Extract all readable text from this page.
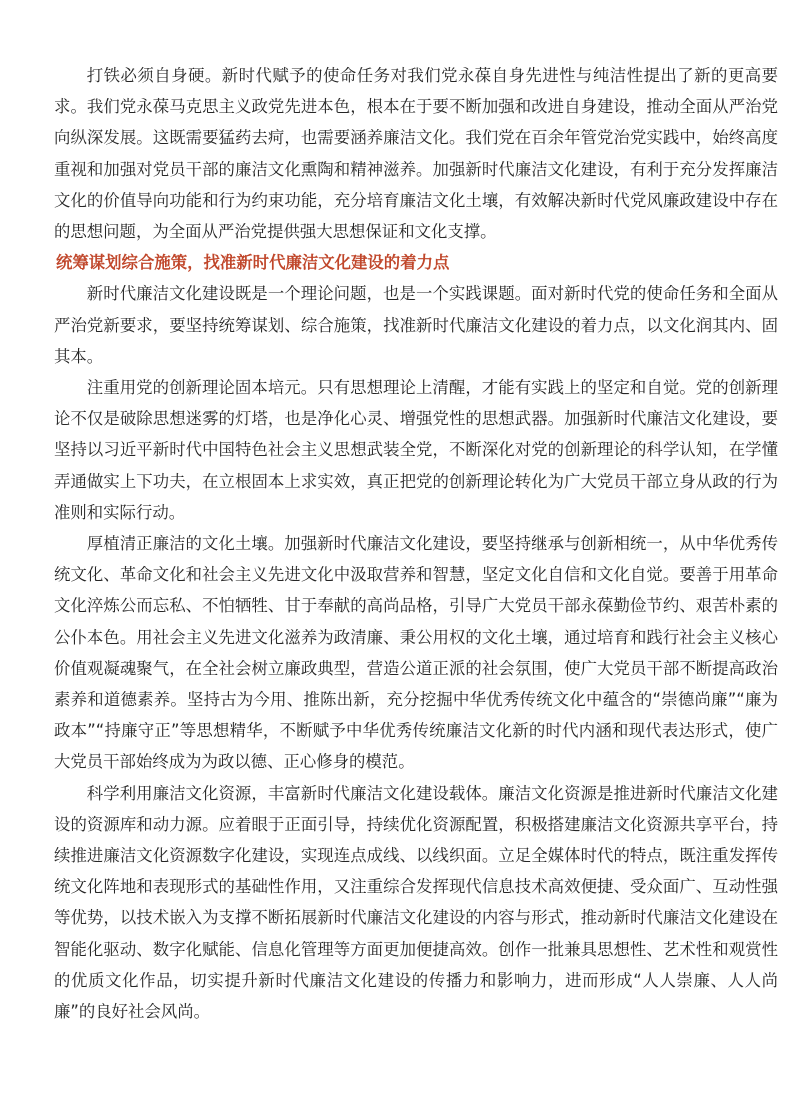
打铁必须自身硬。新时代赋予的使命任务对我们党永葆自身先进性与纯洁性提出了新的更高要求。我们党永葆马克思主义政党先进本色，根本在于要不断加强和改进自身建设，推动全面从严治党向纵深发展。这既需要猛药去疴，也需要涵养廉洁文化。我们党在百余年管党治党实践中，始终高度重视和加强对党员干部的廉洁文化熏陶和精神滋养。加强新时代廉洁文化建设，有利于充分发挥廉洁文化的价值导向功能和行为约束功能，充分培育廉洁文化土壤，有效解决新时代党风廉政建设中存在的思想问题，为全面从严治党提供强大思想保证和文化支撑。

统筹谋划综合施策，找准新时代廉洁文化建设的着力点

新时代廉洁文化建设既是一个理论问题，也是一个实践课题。面对新时代党的使命任务和全面从严治党新要求，要坚持统筹谋划、综合施策，找准新时代廉洁文化建设的着力点，以文化润其内、固其本。

注重用党的创新理论固本培元。只有思想理论上清醒，才能有实践上的坚定和自觉。党的创新理论不仅是破除思想迷雾的灯塔，也是净化心灵、增强党性的思想武器。加强新时代廉洁文化建设，要坚持以习近平新时代中国特色社会主义思想武装全党，不断深化对党的创新理论的科学认知，在学懂弄通做实上下功夫，在立根固本上求实效，真正把党的创新理论转化为广大党员干部立身从政的行为准则和实际行动。

厚植清正廉洁的文化土壤。加强新时代廉洁文化建设，要坚持继承与创新相统一，从中华优秀传统文化、革命文化和社会主义先进文化中汲取营养和智慧，坚定文化自信和文化自觉。要善于用革命文化淬炼公而忘私、不怕牺牲、甘于奉献的高尚品格，引导广大党员干部永葆勤俭节约、艰苦朴素的公仆本色。用社会主义先进文化滋养为政清廉、秉公用权的文化土壤，通过培育和践行社会主义核心价值观凝魂聚气，在全社会树立廉政典型，营造公道正派的社会氛围，使广大党员干部不断提高政治素养和道德素养。坚持古为今用、推陈出新，充分挖掘中华优秀传统文化中蕴含的“崇德尚廉”“廉为政本”“持廉守正”等思想精华，不断赋予中华优秀传统廉洁文化新的时代内涵和现代表达形式，使广大党员干部始终成为为政以德、正心修身的模范。

科学利用廉洁文化资源，丰富新时代廉洁文化建设载体。廉洁文化资源是推进新时代廉洁文化建设的资源库和动力源。应着眼于正面引导，持续优化资源配置，积极搭建廉洁文化资源共享平台，持续推进廉洁文化资源数字化建设，实现连点成线、以线织面。立足全媒体时代的特点，既注重发挥传统文化阵地和表现形式的基础性作用，又注重综合发挥现代信息技术高效便捷、受众面广、互动性强等优势，以技术嵌入为支撑不断拓展新时代廉洁文化建设的内容与形式，推动新时代廉洁文化建设在智能化驱动、数字化赋能、信息化管理等方面更加便捷高效。创作一批兼具思想性、艺术性和观赏性的优质文化作品，切实提升新时代廉洁文化建设的传播力和影响力，进而形成“人人崇廉、人人尚廉”的良好社会风尚。
